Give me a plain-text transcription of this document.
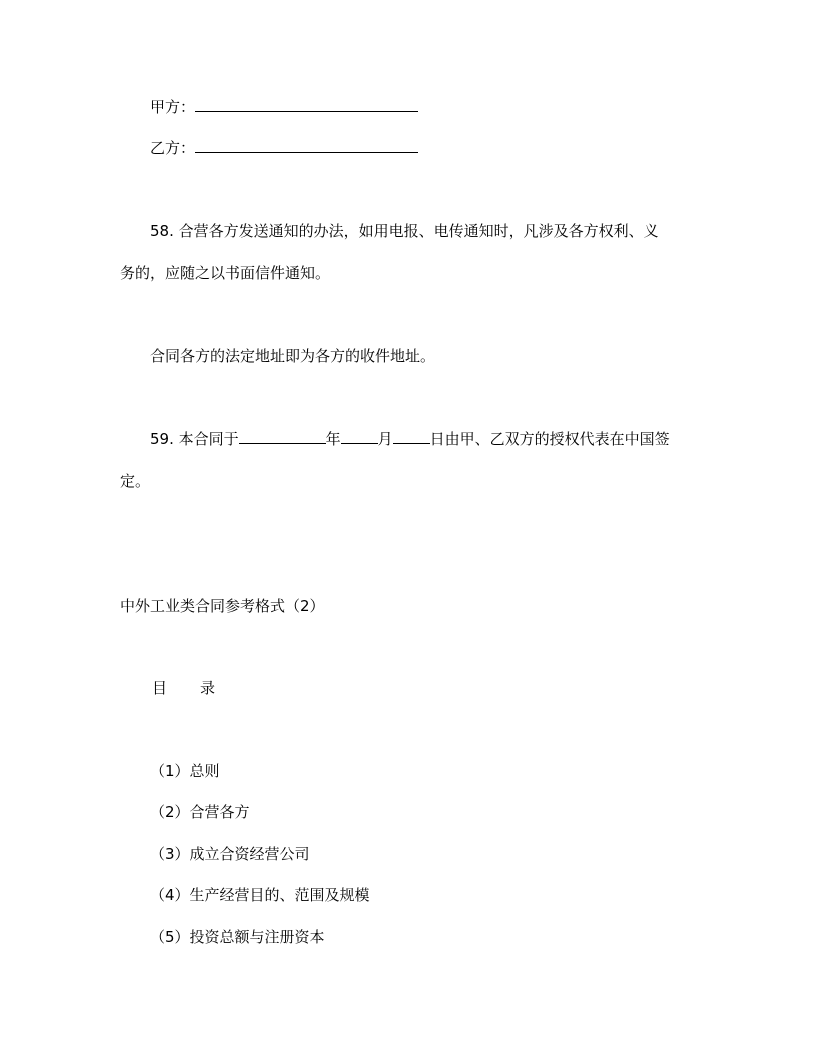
甲方：
乙方：
58. 合营各方发送通知的办法，如用电报、电传通知时，凡涉及各方权利、义
务的，应随之以书面信件通知。
合同各方的法定地址即为各方的收件地址。
59. 本合同于	年 月 日由甲、乙双方的授权代表在中国签
定。
中外工业类合同参考格式（2）
目 录
（1）总则
（2）合营各方
（3）成立合资经营公司
（4）生产经营目的、范围及规模
（5）投资总额与注册资本
